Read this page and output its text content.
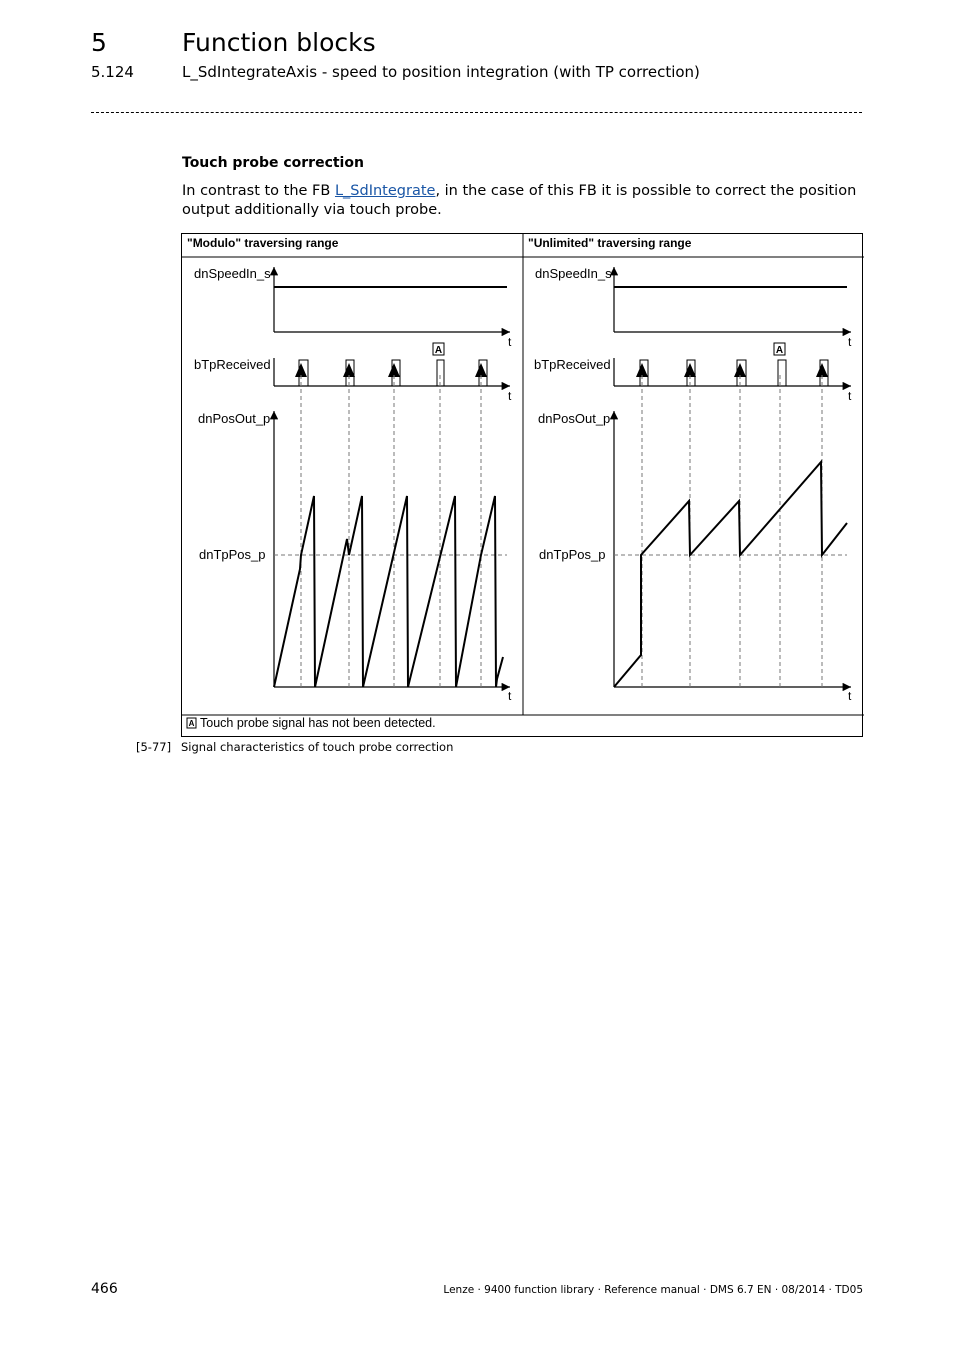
5	Function blocks
5.124	L_SdIntegrateAxis - speed to position integration (with TP correction)
Touch probe correction
In contrast to the FB L_SdIntegrate, in the case of this FB it is possible to correct the position output additionally via touch probe.
"Modulo" traversing range	"Unlimited" traversing range
dnSpeedIn_s
t
A
bTpReceived
t
dnPosOut_p
t
dnTpPos_p
dnSpeedIn_s
t
A
bTpReceived
t
dnPosOut_p
t
dnTpPos_p
A Touch probe signal has not been detected.
[5-77] Signal characteristics of touch probe correction
466	Lenze · 9400 function library · Reference manual · DMS 6.7 EN · 08/2014 · TD05
